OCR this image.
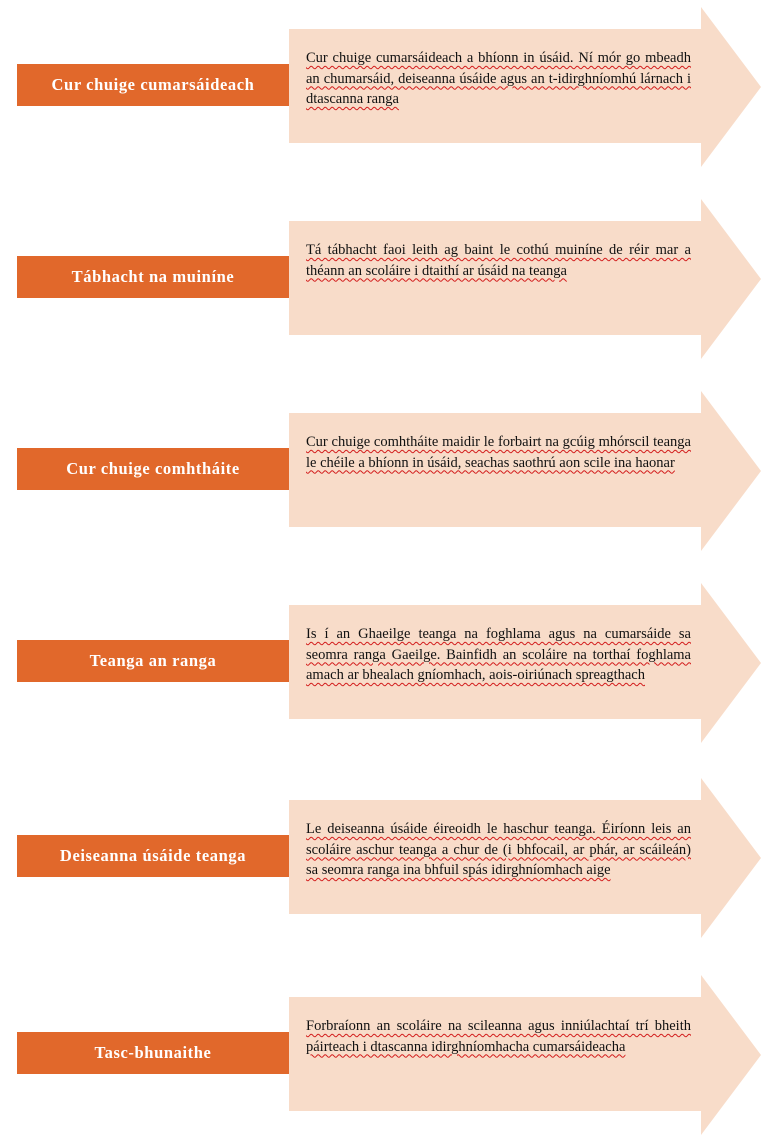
Cur chuige cumarsáideach
Cur chuige cumarsáideach a bhíonn in úsáid. Ní mór go mbeadh an chumarsáid, deiseanna úsáide agus an t-idirghníomhú lárnach i dtascanna ranga
Tábhacht na muiníne
Tá tábhacht faoi leith ag baint le cothú muiníne de réir mar a théann an scoláire i dtaithí ar úsáid na teanga
Cur chuige comhtháite
Cur chuige comhtháite maidir le forbairt na gcúig mhórscil teanga le chéile a bhíonn in úsáid, seachas saothrú aon scile ina haonar
Teanga an ranga
Is í an Ghaeilge teanga na foghlama agus na cumarsáide sa seomra ranga Gaeilge. Bainfidh an scoláire na torthaí foghlama amach ar bhealach gníomhach, aois-oiriúnach spreagthach
Deiseanna úsáide teanga
Le deiseanna úsáide éireoidh le haschur teanga. Éiríonn leis an scoláire aschur teanga a chur de (i bhfocail, ar phár, ar scáileán) sa seomra ranga ina bhfuil spás idirghníomhach aige
Tasc-bhunaithe
Forbraíonn an scoláire na scileanna agus inniúlachtaí trí bheith páirteach i dtascanna idirghníomhacha cumarsáideacha
